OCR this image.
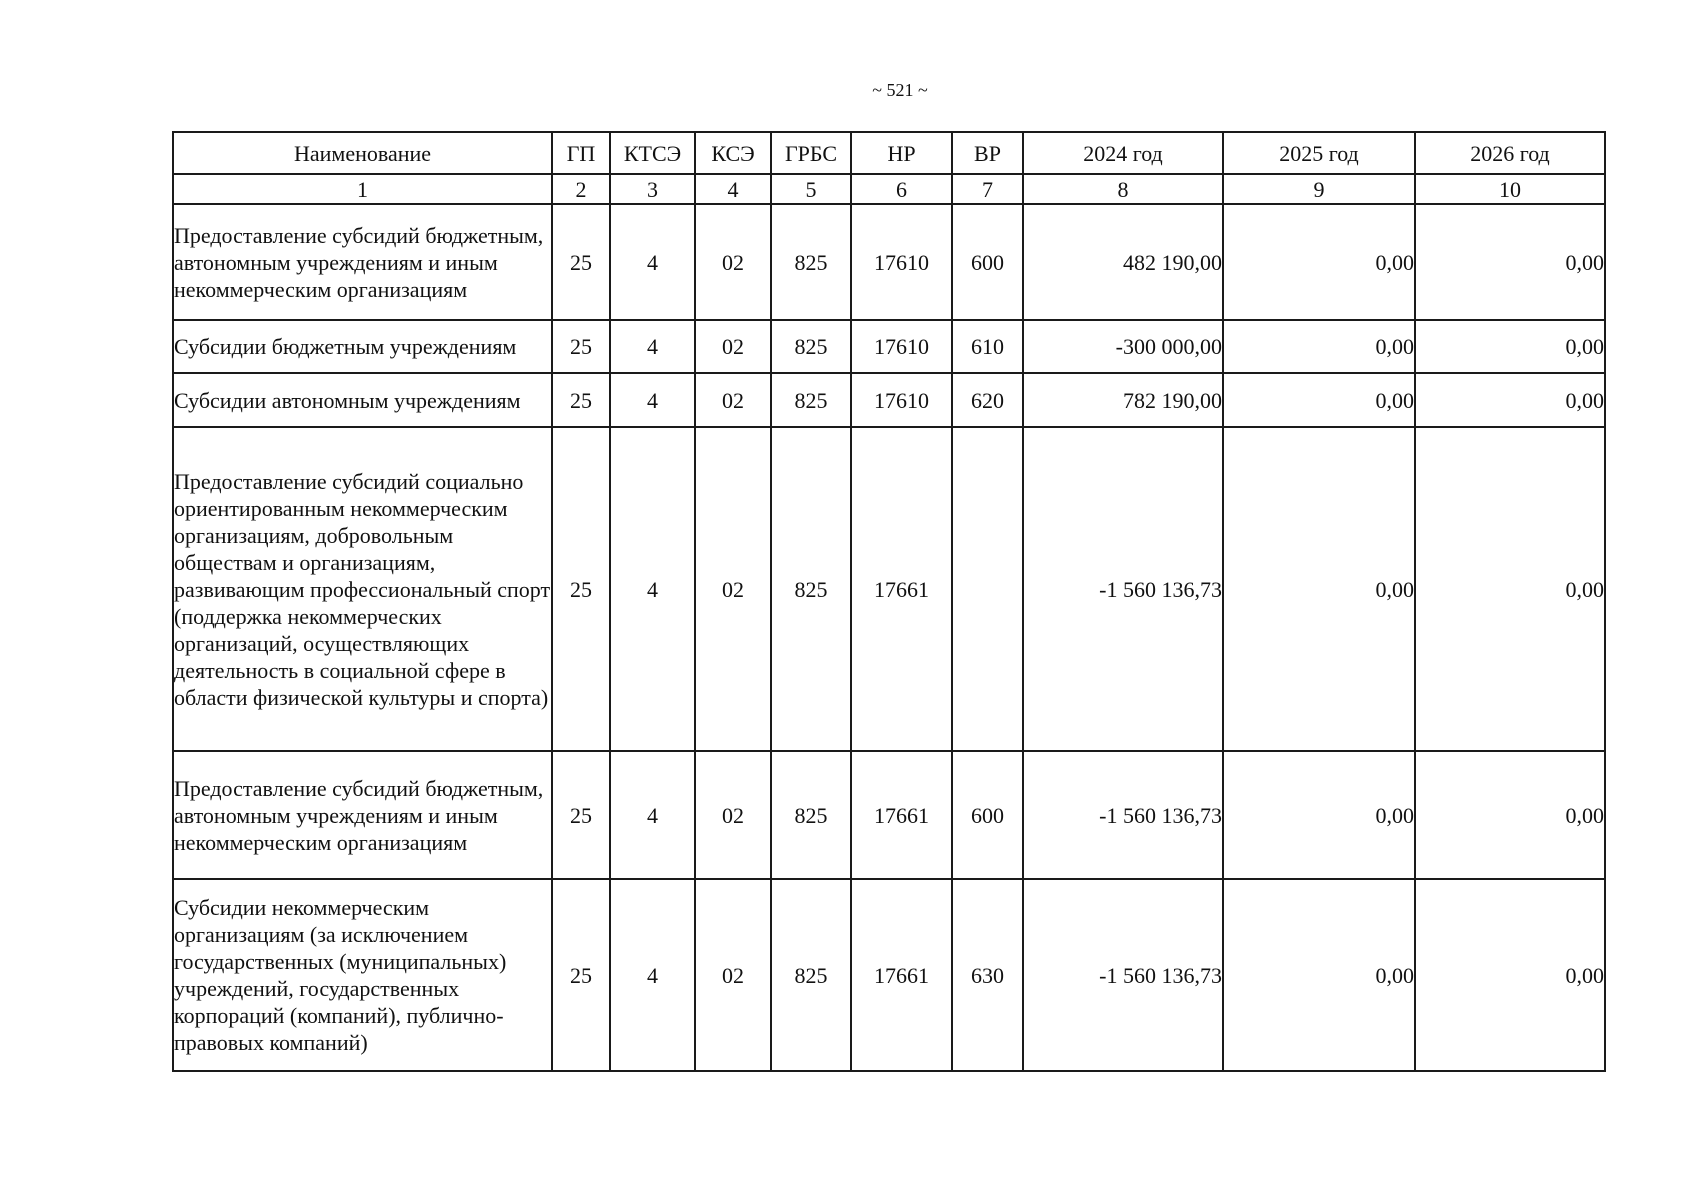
~ 521 ~
Наименование	ГП	КТСЭ	КСЭ	ГРБС	НР	ВР	2024 год	2025 год	2026 год
1	2	3	4	5	6	7	8	9	10
Предоставление субсидий бюджетным, автономным учреждениям и иным некоммерческим организациям	25	4	02	825	17610	600	482 190,00	0,00	0,00
Субсидии бюджетным учреждениям	25	4	02	825	17610	610	-300 000,00	0,00	0,00
Субсидии автономным учреждениям	25	4	02	825	17610	620	782 190,00	0,00	0,00
Предоставление субсидий социально ориентированным некоммерческим организациям, добровольным обществам и организациям, развивающим профессиональный спорт (поддержка некоммерческих организаций, осуществляющих деятельность в социальной сфере в области физической культуры и спорта)	25	4	02	825	17661		-1 560 136,73	0,00	0,00
Предоставление субсидий бюджетным, автономным учреждениям и иным некоммерческим организациям	25	4	02	825	17661	600	-1 560 136,73	0,00	0,00
Субсидии некоммерческим организациям (за исключением государственных (муниципальных) учреждений, государственных корпораций (компаний), публично-правовых компаний)	25	4	02	825	17661	630	-1 560 136,73	0,00	0,00
